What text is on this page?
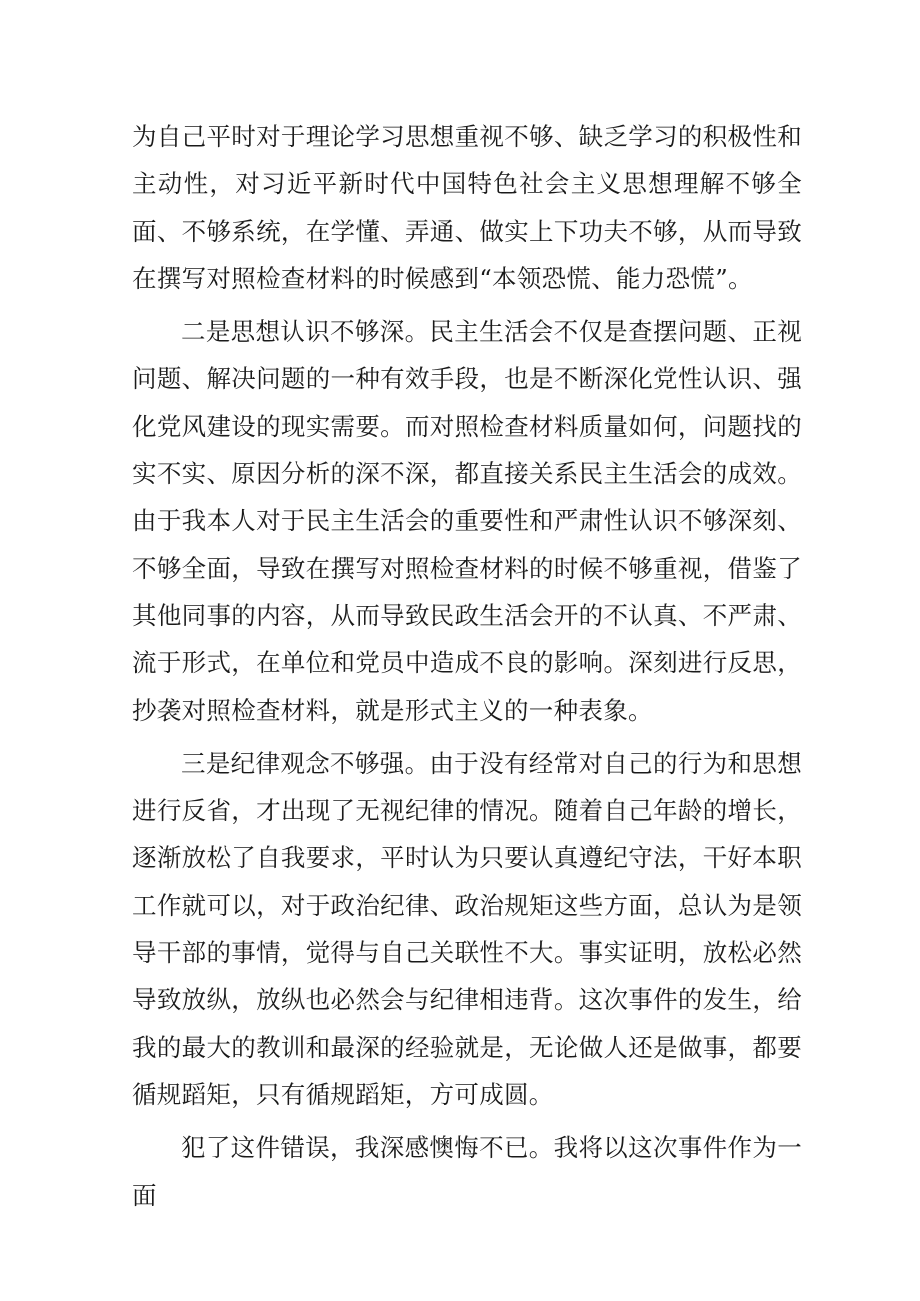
为自己平时对于理论学习思想重视不够、缺乏学习的积极性和主动性，对习近平新时代中国特色社会主义思想理解不够全面、不够系统，在学懂、弄通、做实上下功夫不够，从而导致在撰写对照检查材料的时候感到“本领恐慌、能力恐慌”。

二是思想认识不够深。民主生活会不仅是查摆问题、正视问题、解决问题的一种有效手段，也是不断深化党性认识、强化党风建设的现实需要。而对照检查材料质量如何，问题找的实不实、原因分析的深不深，都直接关系民主生活会的成效。由于我本人对于民主生活会的重要性和严肃性认识不够深刻、不够全面，导致在撰写对照检查材料的时候不够重视，借鉴了其他同事的内容，从而导致民政生活会开的不认真、不严肃、流于形式，在单位和党员中造成不良的影响。深刻进行反思，抄袭对照检查材料，就是形式主义的一种表象。

三是纪律观念不够强。由于没有经常对自己的行为和思想进行反省，才出现了无视纪律的情况。随着自己年龄的增长，逐渐放松了自我要求，平时认为只要认真遵纪守法，干好本职工作就可以，对于政治纪律、政治规矩这些方面，总认为是领导干部的事情，觉得与自己关联性不大。事实证明，放松必然导致放纵，放纵也必然会与纪律相违背。这次事件的发生，给我的最大的教训和最深的经验就是，无论做人还是做事，都要循规蹈矩，只有循规蹈矩，方可成圆。

犯了这件错误，我深感懊悔不已。我将以这次事件作为一面
